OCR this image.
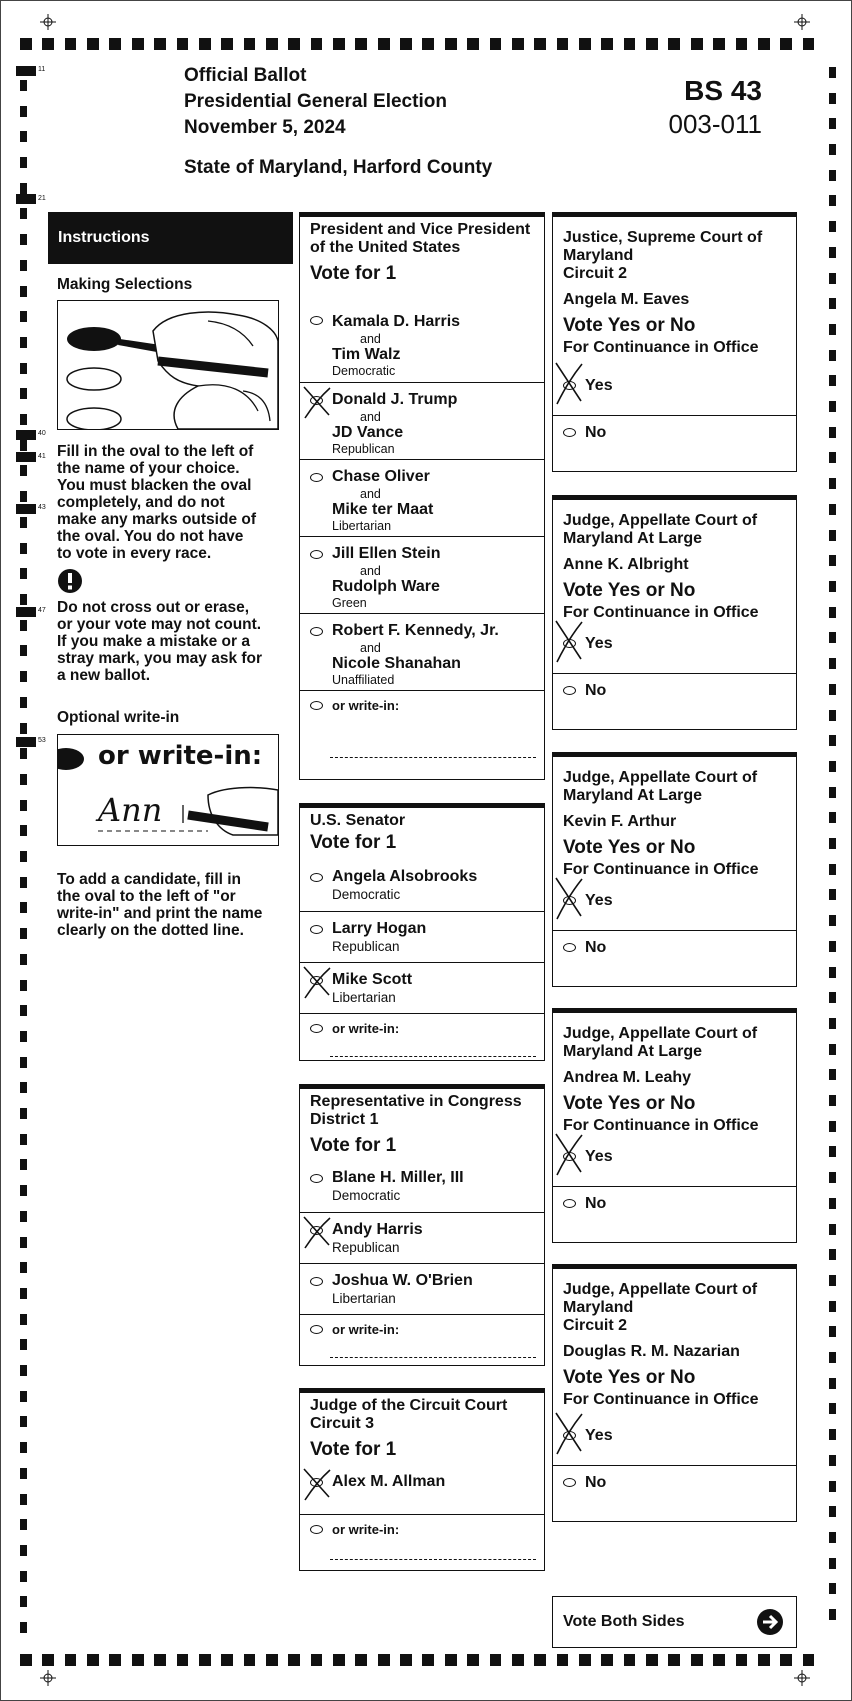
11
21
40
41
43
47
53
Official Ballot
Presidential General Election
November 5, 2024
State of Maryland, Harford County
BS 43
003-011
Instructions
Making Selections
Fill in the oval to the left of
the name of your choice.
You must blacken the oval
completely, and do not
make any marks outside of
the oval. You do not have
to vote in every race.
Do not cross out or erase,
or your vote may not count.
If you make a mistake or a
stray mark, you may ask for
a new ballot.
Optional write-in
or write-in:
Ann
To add a candidate, fill in
the oval to the left of "or
write-in" and print the name
clearly on the dotted line.
President and Vice President
of the United States
Vote for 1
Kamala D. Harris
and
Tim Walz
Democratic
Donald J. Trump
and
JD Vance
Republican
Chase Oliver
and
Mike ter Maat
Libertarian
Jill Ellen Stein
and
Rudolph Ware
Green
Robert F. Kennedy, Jr.
and
Nicole Shanahan
Unaffiliated
or write-in:
U.S. Senator
Vote for 1
Angela Alsobrooks
Democratic
Larry Hogan
Republican
Mike Scott
Libertarian
or write-in:
Representative in Congress
District 1
Vote for 1
Blane H. Miller, III
Democratic
Andy Harris
Republican
Joshua W. O'Brien
Libertarian
or write-in:
Judge of the Circuit Court
Circuit 3
Vote for 1
Alex M. Allman
or write-in:
Justice, Supreme Court of
Maryland
Circuit 2
Angela M. Eaves
Vote Yes or No
For Continuance in Office
Yes
No
Judge, Appellate Court of
Maryland At Large
Anne K. Albright
Vote Yes or No
For Continuance in Office
Yes
No
Judge, Appellate Court of
Maryland At Large
Kevin F. Arthur
Vote Yes or No
For Continuance in Office
Yes
No
Judge, Appellate Court of
Maryland At Large
Andrea M. Leahy
Vote Yes or No
For Continuance in Office
Yes
No
Judge, Appellate Court of
Maryland
Circuit 2
Douglas R. M. Nazarian
Vote Yes or No
For Continuance in Office
Yes
No
Vote Both Sides
